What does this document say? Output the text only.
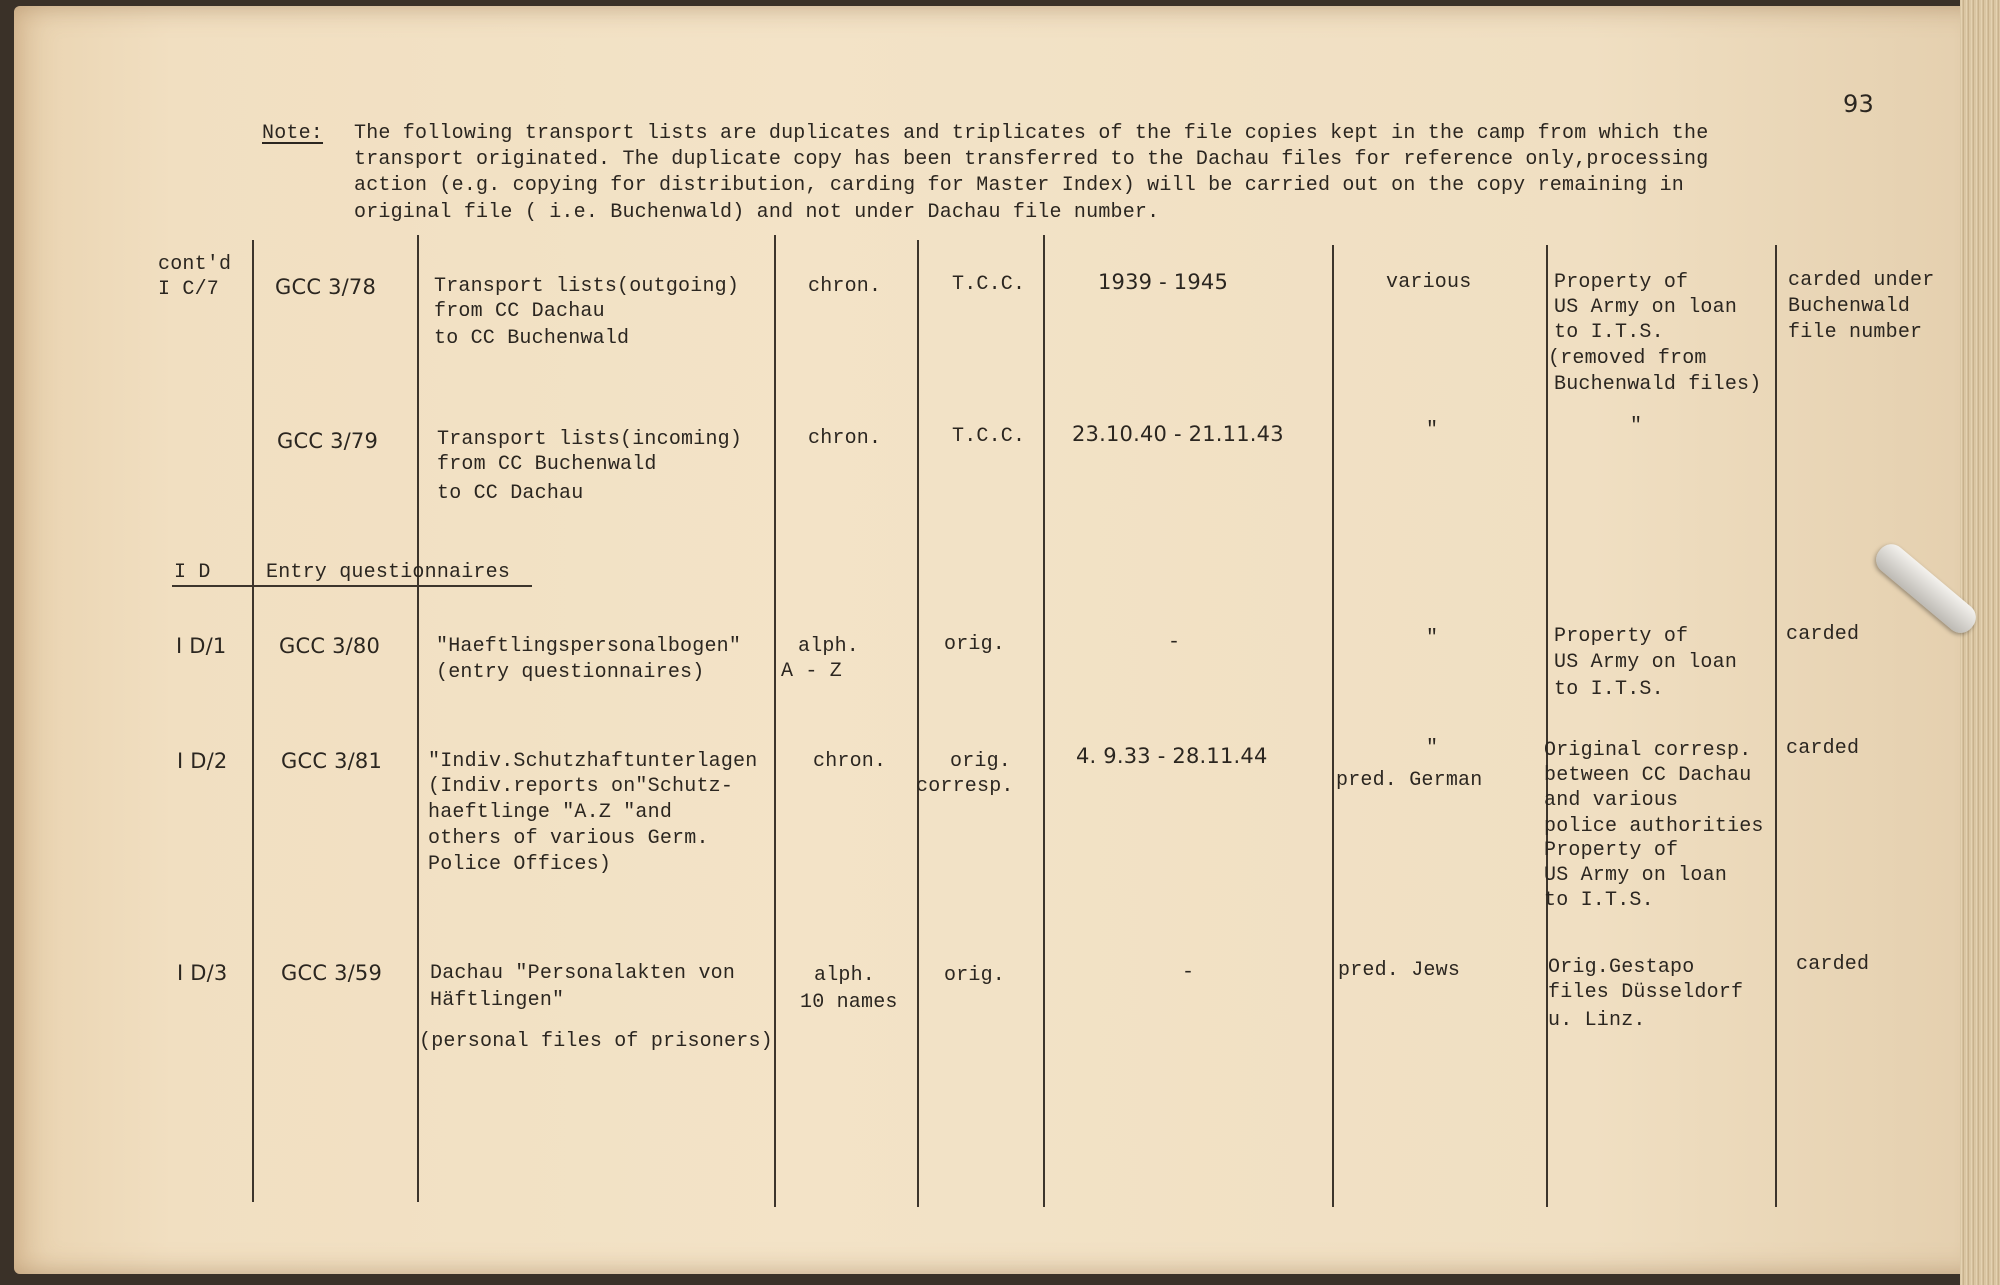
93
Note: The following transport lists are duplicates and triplicates of the file copies kept in the camp from which the
transport originated. The duplicate copy has been transferred to the Dachau files for reference only,processing
action (e.g. copying for distribution, carding for Master Index) will be carried out on the copy remaining in
original file ( i.e. Buchenwald) and not under Dachau file number.
cont'd
I C/7	GCC 3/78	Transport lists(outgoing)
from CC Dachau
to CC Buchenwald
chron.	T.C.C.	1939 - 1945	various	Property of
US Army on loan
to I.T.S.
(removed from
Buchenwald files)
carded under
Buchenwald
file number
GCC 3/79	Transport lists(incoming)
from CC Buchenwald
to CC Dachau
chron.	T.C.C. 23.10.40 - 21.11.43	"	"
I D	Entry questionnaires
I D/1	GCC 3/80	"Haeftlingspersonalbogen"
(entry questionnaires)
alph.
A - Z
orig.	-	"	Property of
US Army on loan
to I.T.S.
carded
I D/2	GCC 3/81 "Indiv.Schutzhaftunterlagen
(Indiv.reports on"Schutz-
haeftlinge "A.Z "and
others of various Germ.
Police Offices)
chron.	orig.
corresp.
4. 9.33 - 28.11.44	"
pred. German
Original corresp.
between CC Dachau
and various
police authorities
Property of
US Army on loan
to I.T.S.
carded
I D/3	GCC 3/59 Dachau "Personalakten von
Häftlingen"
(personal files of prisoners)
alph.
10 names
orig.	-	pred. Jews	Orig.Gestapo
files Düsseldorf
u. Linz.
carded
